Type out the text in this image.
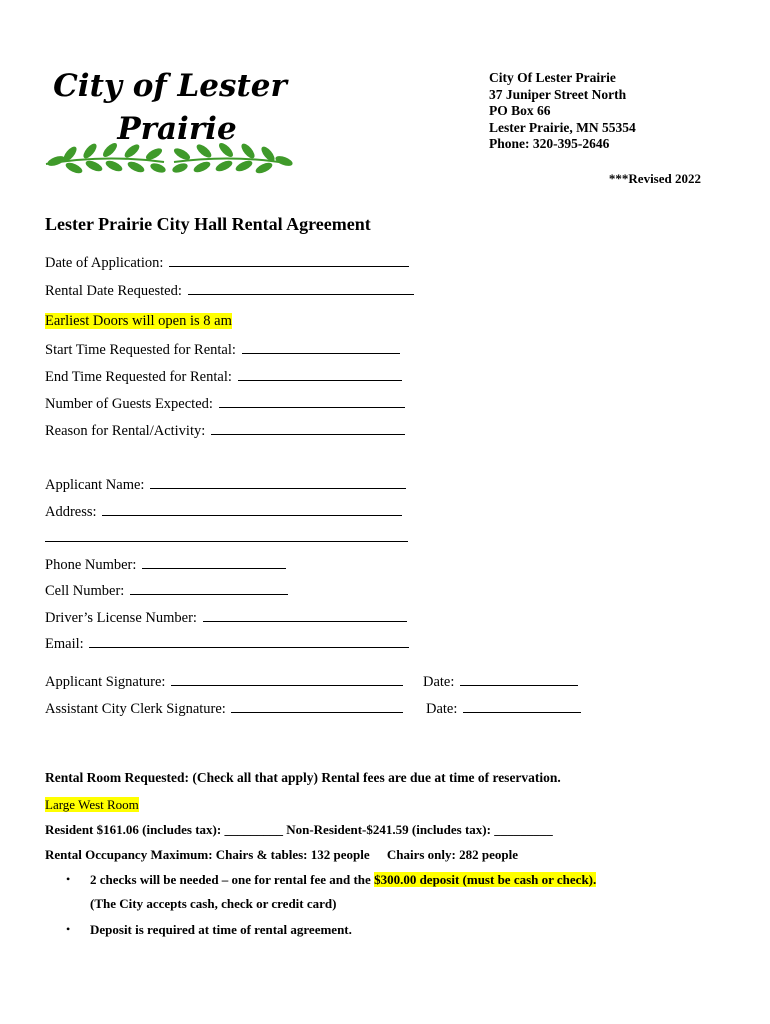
City of Lester
Prairie
City Of Lester Prairie
37 Juniper Street North
PO Box 66
Lester Prairie, MN 55354
Phone: 320-395-2646
***Revised 2022
Lester Prairie City Hall Rental Agreement
Date of Application:
Rental Date Requested:
Earliest Doors will open is 8 am
Start Time Requested for Rental:
End Time Requested for Rental:
Number of Guests Expected:
Reason for Rental/Activity:
Applicant Name:
Address:
Phone Number:
Cell Number:
Driver’s License Number:
Email:
Applicant Signature:	Date:
Assistant City Clerk Signature:	Date:
Rental Room Requested: (Check all that apply) Rental fees are due at time of reservation.
Large West Room
Resident $161.06 (includes tax): _________ Non-Resident-$241.59 (includes tax): _________
Rental Occupancy Maximum: Chairs & tables: 132 people Chairs only: 282 people
• 2 checks will be needed – one for rental fee and the $300.00 deposit (must be cash or check).
(The City accepts cash, check or credit card)
• Deposit is required at time of rental agreement.
